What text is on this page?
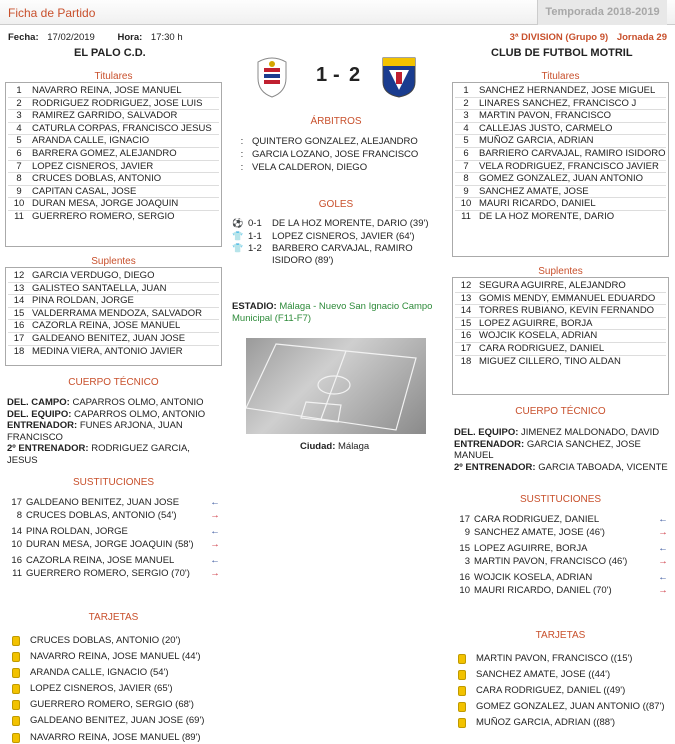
Ficha de Partido	Temporada 2018-2019
Fecha: 17/02/2019 Hora: 17:30 h	3ª DIVISION (Grupo 9) Jornada 29
EL PALO C.D.	CLUB DE FUTBOL MOTRIL
1 - 2
Titulares
1	NAVARRO REINA, JOSE MANUEL
2	RODRIGUEZ RODRIGUEZ, JOSE LUIS
3	RAMIREZ GARRIDO, SALVADOR
4	CATURLA CORPAS, FRANCISCO JESUS
5	ARANDA CALLE, IGNACIO
6	BARRERA GOMEZ, ALEJANDRO
7	LOPEZ CISNEROS, JAVIER
8	CRUCES DOBLAS, ANTONIO
9	CAPITAN CASAL, JOSE
10 DURAN MESA, JORGE JOAQUIN
11 GUERRERO ROMERO, SERGIO
Suplentes
12 GARCIA VERDUGO, DIEGO
13 GALISTEO SANTAELLA, JUAN
14 PINA ROLDAN, JORGE
15 VALDERRAMA MENDOZA, SALVADOR
16 CAZORLA REINA, JOSE MANUEL
17 GALDEANO BENITEZ, JUAN JOSE
18 MEDINA VIERA, ANTONIO JAVIER
CUERPO TÉCNICO
DEL. CAMPO: CAPARROS OLMO, ANTONIO
DEL. EQUIPO: CAPARROS OLMO, ANTONIO
ENTRENADOR: FUNES ARJONA, JUAN FRANCISCO
2º ENTRENADOR: RODRIGUEZ GARCIA, JESUS
SUSTITUCIONES
17 GALDEANO BENITEZ, JUAN JOSE	←
8 CRUCES DOBLAS, ANTONIO (54')	→
14 PINA ROLDAN, JORGE	←
10 DURAN MESA, JORGE JOAQUIN (58')	→
16 CAZORLA REINA, JOSE MANUEL	←
11 GUERRERO ROMERO, SERGIO (70')	→
TARJETAS
CRUCES DOBLAS, ANTONIO (20')
NAVARRO REINA, JOSE MANUEL (44')
ARANDA CALLE, IGNACIO (54')
LOPEZ CISNEROS, JAVIER (65')
GUERRERO ROMERO, SERGIO (68')
GALDEANO BENITEZ, JUAN JOSE (69')
NAVARRO REINA, JOSE MANUEL (89')
ÁRBITROS
: QUINTERO GONZALEZ, ALEJANDRO
: GARCIA LOZANO, JOSE FRANCISCO
: VELA CALDERON, DIEGO
GOLES
⚽ 0-1	DE LA HOZ MORENTE, DARIO (39')
👕 1-1	LOPEZ CISNEROS, JAVIER (64')
👕 1-2	BARBERO CARVAJAL, RAMIRO ISIDORO (89')
ESTADIO: Málaga - Nuevo San Ignacio Campo Municipal (F11-F7)
Ciudad: Málaga
Titulares
1	SANCHEZ HERNANDEZ, JOSE MIGUEL
2	LINARES SANCHEZ, FRANCISCO J
3	MARTIN PAVON, FRANCISCO
4	CALLEJAS JUSTO, CARMELO
5	MUÑOZ GARCIA, ADRIAN
6	BARRIERO CARVAJAL, RAMIRO ISIDORO
7	VELA RODRIGUEZ, FRANCISCO JAVIER
8	GOMEZ GONZALEZ, JUAN ANTONIO
9	SANCHEZ AMATE, JOSE
10 MAURI RICARDO, DANIEL
11 DE LA HOZ MORENTE, DARIO
Suplentes
12 SEGURA AGUIRRE, ALEJANDRO
13 GOMIS MENDY, EMMANUEL EDUARDO
14 TORRES RUBIANO, KEVIN FERNANDO
15 LOPEZ AGUIRRE, BORJA
16 WOJCIK KOSELA, ADRIAN
17 CARA RODRIGUEZ, DANIEL
18 MIGUEZ CILLERO, TINO ALDAN
CUERPO TÉCNICO
DEL. EQUIPO: JIMENEZ MALDONADO, DAVID
ENTRENADOR: GARCIA SANCHEZ, JOSE MANUEL
2º ENTRENADOR: GARCIA TABOADA, VICENTE
SUSTITUCIONES
17 CARA RODRIGUEZ, DANIEL	←
9 SANCHEZ AMATE, JOSE (46')	→
15 LOPEZ AGUIRRE, BORJA	←
3 MARTIN PAVON, FRANCISCO (46')	→
16 WOJCIK KOSELA, ADRIAN	←
10 MAURI RICARDO, DANIEL (70')	→
TARJETAS
MARTIN PAVON, FRANCISCO ((15')
SANCHEZ AMATE, JOSE ((44')
CARA RODRIGUEZ, DANIEL ((49')
GOMEZ GONZALEZ, JUAN ANTONIO ((87')
MUÑOZ GARCIA, ADRIAN ((88')
